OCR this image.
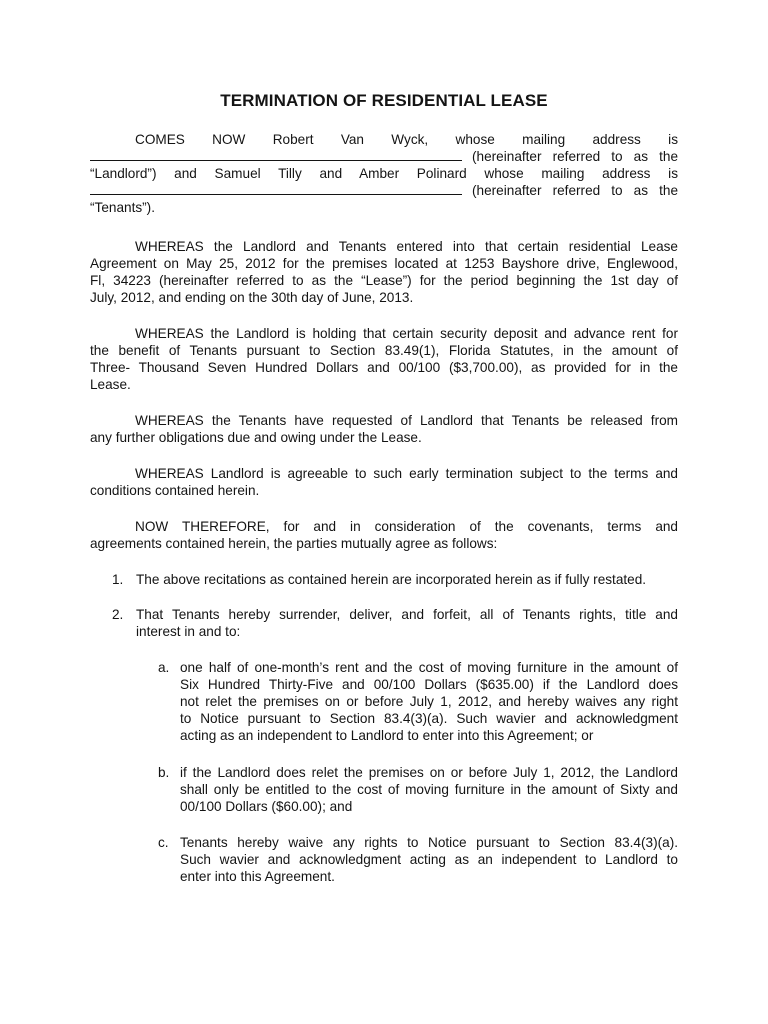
TERMINATION OF RESIDENTIAL LEASE
COMES NOW Robert Van Wyck, whose mailing address is
(hereinafter referred to as the
“Landlord”) and Samuel Tilly and Amber Polinard whose mailing address is
(hereinafter referred to as the
“Tenants”).
WHEREAS the Landlord and Tenants entered into that certain residential Lease
Agreement on May 25, 2012 for the premises located at 1253 Bayshore drive, Englewood,
Fl, 34223 (hereinafter referred to as the “Lease”) for the period beginning the 1st day of
July, 2012, and ending on the 30th day of June, 2013.
WHEREAS the Landlord is holding that certain security deposit and advance rent for
the benefit of Tenants pursuant to Section 83.49(1), Florida Statutes, in the amount of
Three- Thousand Seven Hundred Dollars and 00/100 ($3,700.00), as provided for in the
Lease.
WHEREAS the Tenants have requested of Landlord that Tenants be released from
any further obligations due and owing under the Lease.
WHEREAS Landlord is agreeable to such early termination subject to the terms and
conditions contained herein.
NOW THEREFORE, for and in consideration of the covenants, terms and
agreements contained herein, the parties mutually agree as follows:
1. The above recitations as contained herein are incorporated herein as if fully restated.
2. That Tenants hereby surrender, deliver, and forfeit, all of Tenants rights, title and
interest in and to:
a. one half of one-month’s rent and the cost of moving furniture in the amount of
Six Hundred Thirty-Five and 00/100 Dollars ($635.00) if the Landlord does
not relet the premises on or before July 1, 2012, and hereby waives any right
to Notice pursuant to Section 83.4(3)(a). Such wavier and acknowledgment
acting as an independent to Landlord to enter into this Agreement; or
b. if the Landlord does relet the premises on or before July 1, 2012, the Landlord
shall only be entitled to the cost of moving furniture in the amount of Sixty and
00/100 Dollars ($60.00); and
c. Tenants hereby waive any rights to Notice pursuant to Section 83.4(3)(a).
Such wavier and acknowledgment acting as an independent to Landlord to
enter into this Agreement.
